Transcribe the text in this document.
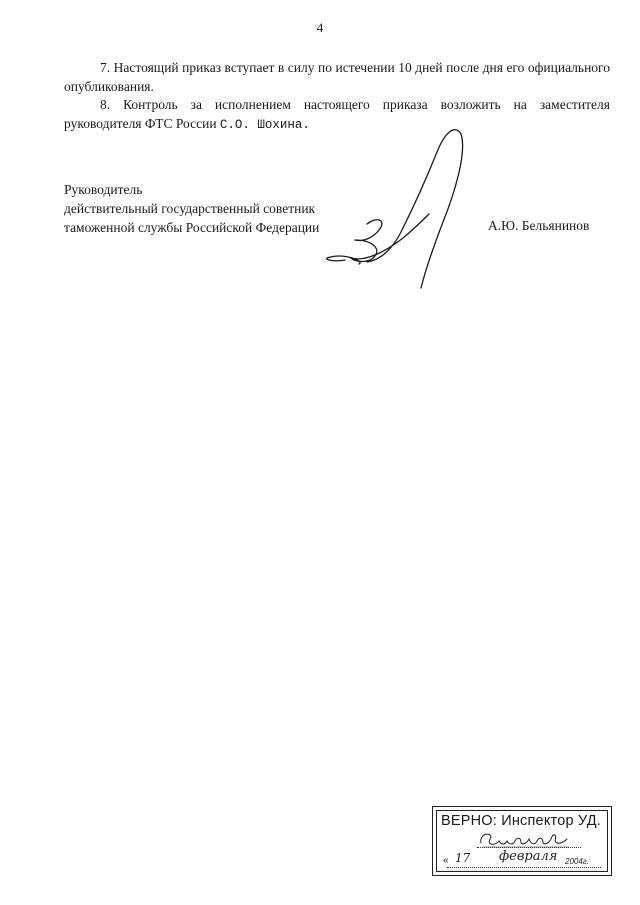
4
7. Настоящий приказ вступает в силу по истечении 10 дней после дня его официального опубликования.
8. Контроль за исполнением настоящего приказа возложить на заместителя руководителя ФТС России С.О. Шохина.
Руководитель
действительный государственный советник
таможенной службы Российской Федерации	А.Ю. Бельянинов
ВЕРНО: Инспектор УД.
« 17 февраля 2004г.
